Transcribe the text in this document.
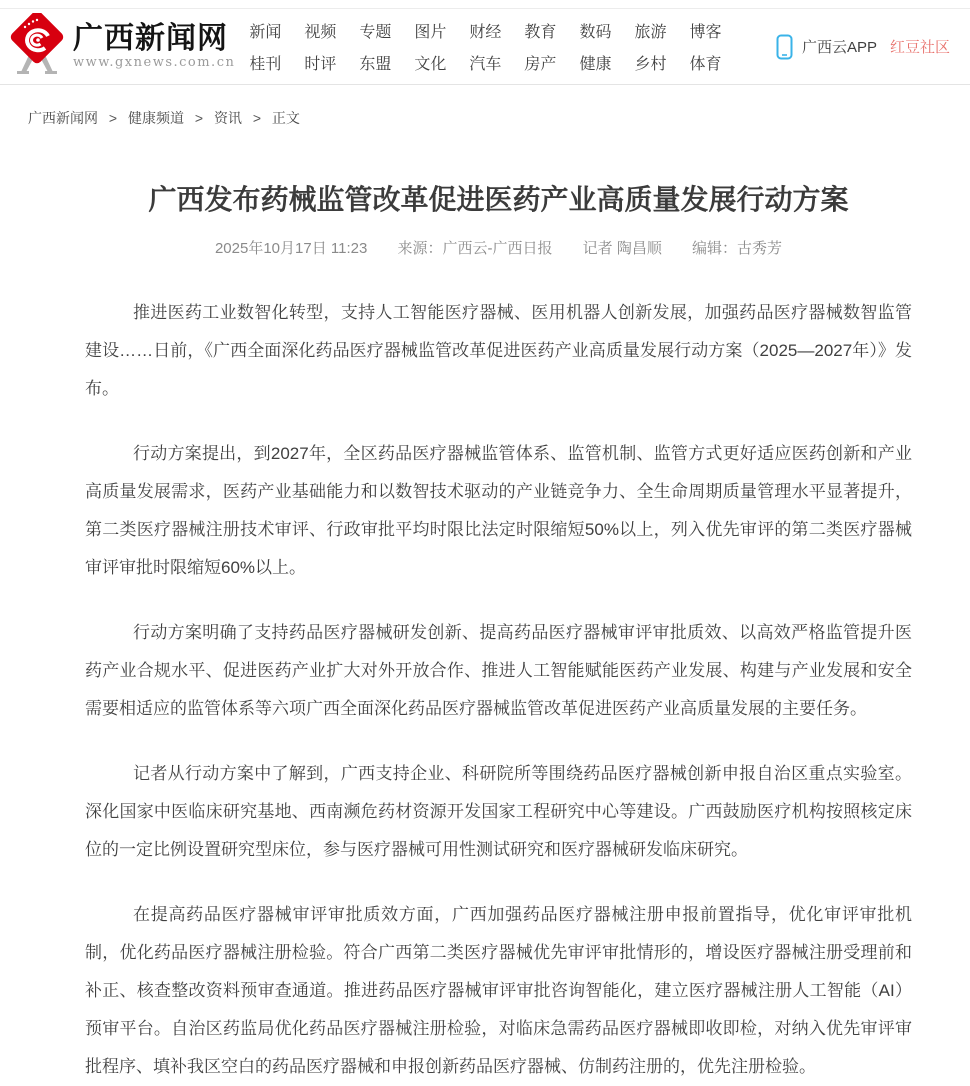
广西新闻网
www.gxnews.com.cn
新闻
桂刊
视频
时评
专题
东盟
图片
文化
财经
汽车
教育
房产
数码
健康
旅游
乡村
博客
体育
广西云APP 红豆社区
广西新闻网 > 健康频道 > 资讯 > 正文
广西发布药械监管改革促进医药产业高质量发展行动方案
2025年10月17日 11:23 来源：广西云-广西日报 记者 陶昌顺 编辑：古秀芳

推进医药工业数智化转型，支持人工智能医疗器械、医用机器人创新发展，加强药品医疗器械数智监管建设……日前，《广西全面深化药品医疗器械监管改革促进医药产业高质量发展行动方案（2025—2027年）》发布。

行动方案提出，到2027年，全区药品医疗器械监管体系、监管机制、监管方式更好适应医药创新和产业高质量发展需求，医药产业基础能力和以数智技术驱动的产业链竞争力、全生命周期质量管理水平显著提升，第二类医疗器械注册技术审评、行政审批平均时限比法定时限缩短50%以上，列入优先审评的第二类医疗器械审评审批时限缩短60%以上。

行动方案明确了支持药品医疗器械研发创新、提高药品医疗器械审评审批质效、以高效严格监管提升医药产业合规水平、促进医药产业扩大对外开放合作、推进人工智能赋能医药产业发展、构建与产业发展和安全需要相适应的监管体系等六项广西全面深化药品医疗器械监管改革促进医药产业高质量发展的主要任务。

记者从行动方案中了解到，广西支持企业、科研院所等围绕药品医疗器械创新申报自治区重点实验室。深化国家中医临床研究基地、西南濒危药材资源开发国家工程研究中心等建设。广西鼓励医疗机构按照核定床位的一定比例设置研究型床位，参与医疗器械可用性测试研究和医疗器械研发临床研究。

在提高药品医疗器械审评审批质效方面，广西加强药品医疗器械注册申报前置指导，优化审评审批机制，优化药品医疗器械注册检验。符合广西第二类医疗器械优先审评审批情形的，增设医疗器械注册受理前和补正、核查整改资料预审查通道。推进药品医疗器械审评审批咨询智能化，建立医疗器械注册人工智能（AI）预审平台。自治区药监局优化药品医疗器械注册检验，对临床急需药品医疗器械即收即检，对纳入优先审评审批程序、填补我区空白的药品医疗器械和申报创新药品医疗器械、仿制药注册的，优先注册检验。
